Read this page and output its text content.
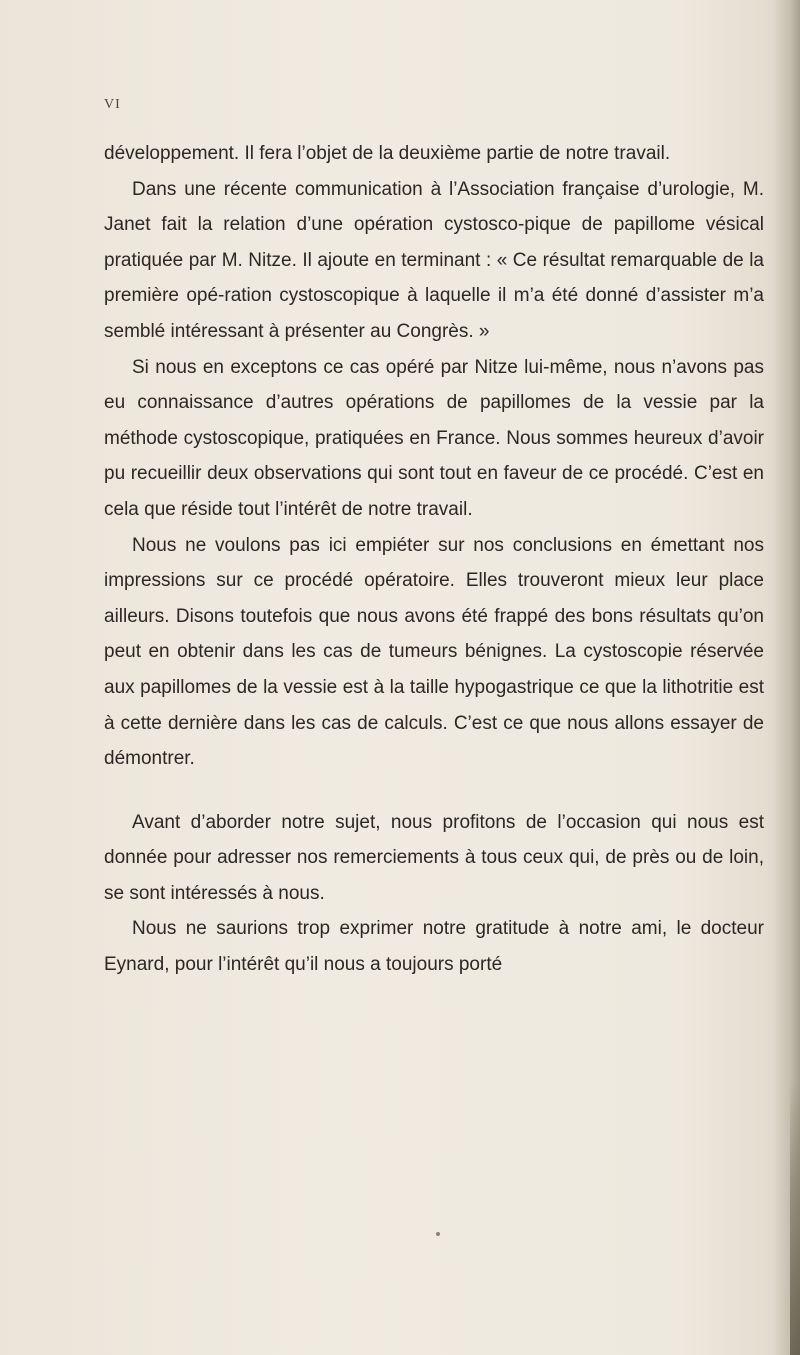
VI

développement. Il fera l’objet de la deuxième partie de notre travail.

Dans une récente communication à l’Association française d’urologie, M. Janet fait la relation d’une opération cystosco-pique de papillome vésical pratiquée par M. Nitze. Il ajoute en terminant : « Ce résultat remarquable de la première opé-ration cystoscopique à laquelle il m’a été donné d’assister m’a semblé intéressant à présenter au Congrès. »

Si nous en exceptons ce cas opéré par Nitze lui-même, nous n’avons pas eu connaissance d’autres opérations de papillomes de la vessie par la méthode cystoscopique, pratiquées en France. Nous sommes heureux d’avoir pu recueillir deux observations qui sont tout en faveur de ce procédé. C’est en cela que réside tout l’intérêt de notre travail.

Nous ne voulons pas ici empiéter sur nos conclusions en émettant nos impressions sur ce procédé opératoire. Elles trouveront mieux leur place ailleurs. Disons toutefois que nous avons été frappé des bons résultats qu’on peut en obtenir dans les cas de tumeurs bénignes. La cystoscopie réservée aux papillomes de la vessie est à la taille hypogastrique ce que la lithotritie est à cette dernière dans les cas de calculs. C’est ce que nous allons essayer de démontrer.

Avant d’aborder notre sujet, nous profitons de l’occasion qui nous est donnée pour adresser nos remerciements à tous ceux qui, de près ou de loin, se sont intéressés à nous.

Nous ne saurions trop exprimer notre gratitude à notre ami, le docteur Eynard, pour l’intérêt qu’il nous a toujours porté
